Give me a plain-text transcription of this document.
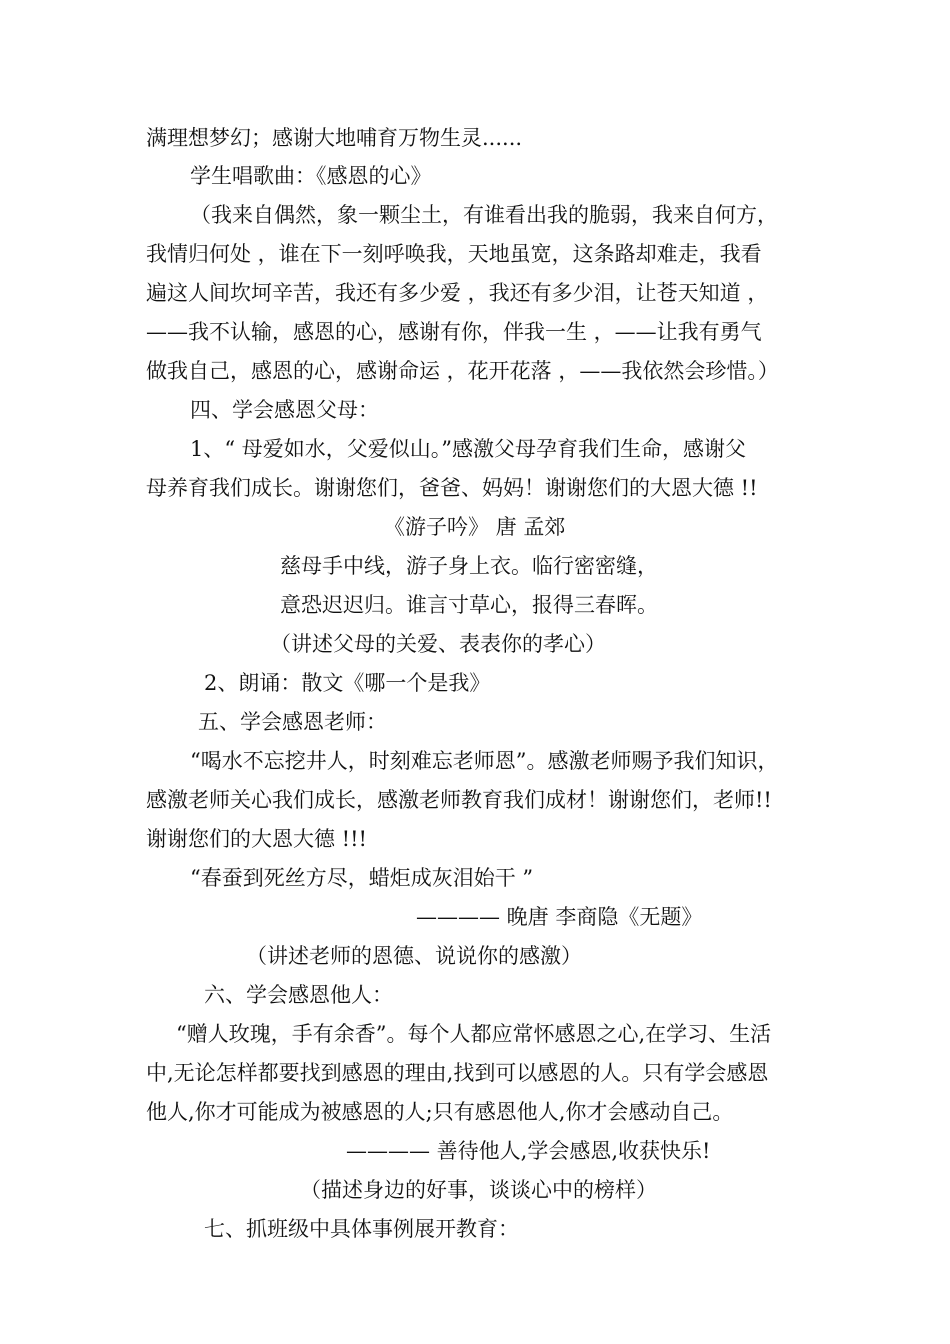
满理想梦幻；感谢大地哺育万物生灵......
学生唱歌曲：《感恩的心》
（我来自偶然，象一颗尘土，有谁看出我的脆弱，我来自何方，
我情归何处 ，谁在下一刻呼唤我，天地虽宽，这条路却难走，我看
遍这人间坎坷辛苦，我还有多少爱 ，我还有多少泪，让苍天知道 ，
——我不认输，感恩的心，感谢有你，伴我一生 ，——让我有勇气
做我自己，感恩的心，感谢命运 ，花开花落 ，——我依然会珍惜。）
四、学会感恩父母：
1、“ 母爱如水，父爱似山。”感激父母孕育我们生命，感谢父
母养育我们成长。谢谢您们，爸爸、妈妈！谢谢您们的大恩大德 !!
《游子吟》 唐 孟郊
慈母手中线，游子身上衣。临行密密缝，
意恐迟迟归。谁言寸草心，报得三春晖。
（讲述父母的关爱、表表你的孝心）
2、朗诵：散文《哪一个是我》
五、学会感恩老师：
“喝水不忘挖井人，时刻难忘老师恩”。感激老师赐予我们知识，
感激老师关心我们成长，感激老师教育我们成材！谢谢您们，老师!!
谢谢您们的大恩大德 !!!
“春蚕到死丝方尽，蜡炬成灰泪始干 ”
———— 晚唐 李商隐《无题》
（讲述老师的恩德、说说你的感激）
六、学会感恩他人：
“赠人玫瑰，手有余香”。每个人都应常怀感恩之心,在学习、生活
中,无论怎样都要找到感恩的理由,找到可以感恩的人。只有学会感恩
他人,你才可能成为被感恩的人;只有感恩他人,你才会感动自己。
———— 善待他人,学会感恩,收获快乐!
（描述身边的好事，谈谈心中的榜样）
七、抓班级中具体事例展开教育：
